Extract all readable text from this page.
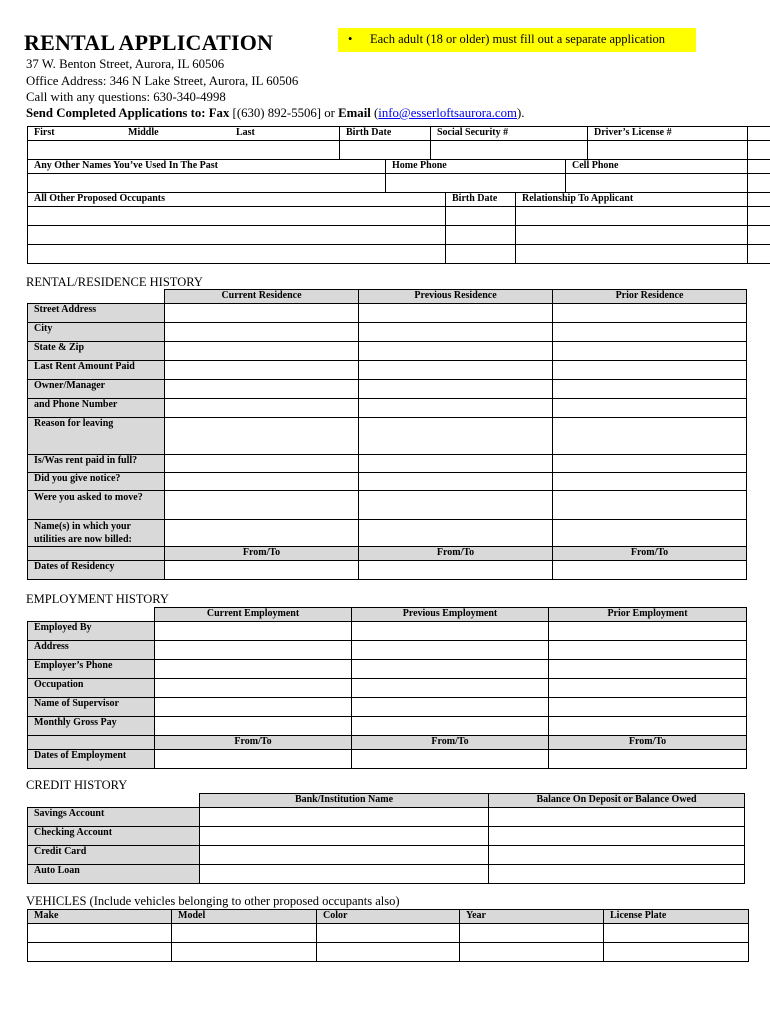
RENTAL APPLICATION	• Each adult (18 or older) must fill out a separate application
37 W. Benton Street, Aurora, IL 60506
Office Address: 346 N Lake Street, Aurora, IL 60506
Call with any questions: 630-340-4998
Send Completed Applications to: Fax [(630) 892-5506] or Email (info@esserloftsaurora.com).
First Middle Last	Birth Date	Social Security #	Driver’s License #	

Any Other Names You’ve Used In The Past	Home Phone	Cell Phone	

All Other Proposed Occupants	Birth Date	Relationship To Applicant	

RENTAL/RESIDENCE HISTORY
	Current Residence	Previous Residence	Prior Residence
Street Address			
City			
State & Zip			
Last Rent Amount Paid			
Owner/Manager			
and Phone Number			
Reason for leaving			
Is/Was rent paid in full?			
Did you give notice?			
Were you asked to move?			
Name(s) in which your utilities are now billed:			
	From/To	From/To	From/To
Dates of Residency			
EMPLOYMENT HISTORY
	Current Employment	Previous Employment	Prior Employment
Employed By			
Address			
Employer’s Phone			
Occupation			
Name of Supervisor			
Monthly Gross Pay			
	From/To	From/To	From/To
Dates of Employment			
CREDIT HISTORY
	Bank/Institution Name	Balance On Deposit or Balance Owed
Savings Account		
Checking Account		
Credit Card		
Auto Loan		
VEHICLES (Include vehicles belonging to other proposed occupants also)
Make	Model	Color	Year	License Plate
